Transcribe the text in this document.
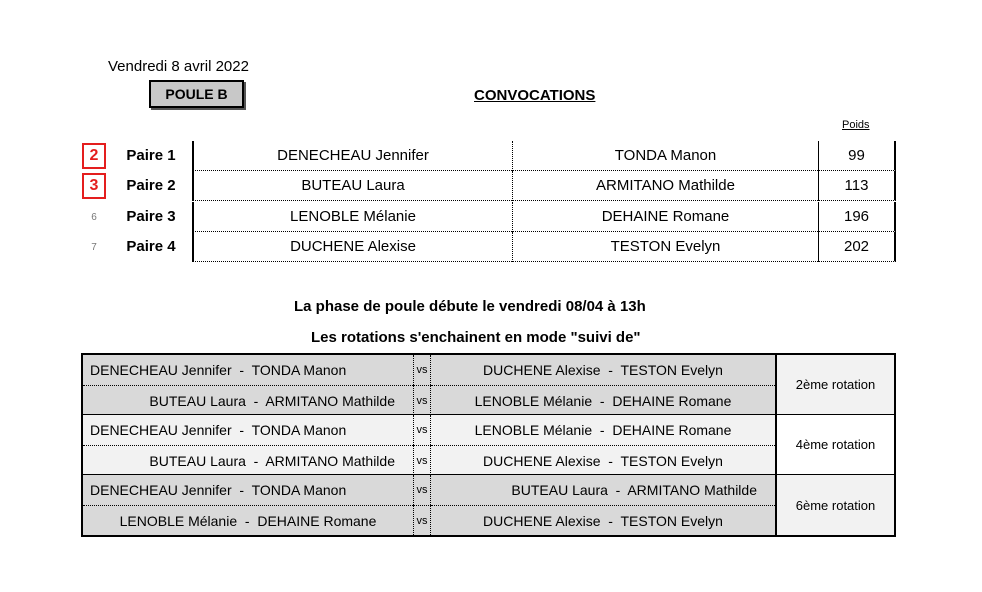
Vendredi 8 avril 2022
POULE B	CONVOCATIONS
Poids
2	Paire 1	DENECHEAU Jennifer	TONDA Manon	99
3	Paire 2	BUTEAU Laura	ARMITANO Mathilde	113
6	Paire 3	LENOBLE Mélanie	DEHAINE Romane	196
7	Paire 4	DUCHENE Alexise	TESTON Evelyn	202
La phase de poule débute le vendredi 08/04 à 13h
Les rotations s'enchainent en mode "suivi de"
DENECHEAU Jennifer  -  TONDA Manon	vs	DUCHENE Alexise  -  TESTON Evelyn
BUTEAU Laura  -  ARMITANO Mathilde	vs	LENOBLE Mélanie  -  DEHAINE Romane
2ème rotation
DENECHEAU Jennifer  -  TONDA Manon	vs	LENOBLE Mélanie  -  DEHAINE Romane
BUTEAU Laura  -  ARMITANO Mathilde	vs	DUCHENE Alexise  -  TESTON Evelyn
4ème rotation
DENECHEAU Jennifer  -  TONDA Manon	vs	BUTEAU Laura  -  ARMITANO Mathilde
LENOBLE Mélanie  -  DEHAINE Romane	vs	DUCHENE Alexise  -  TESTON Evelyn
6ème rotation
